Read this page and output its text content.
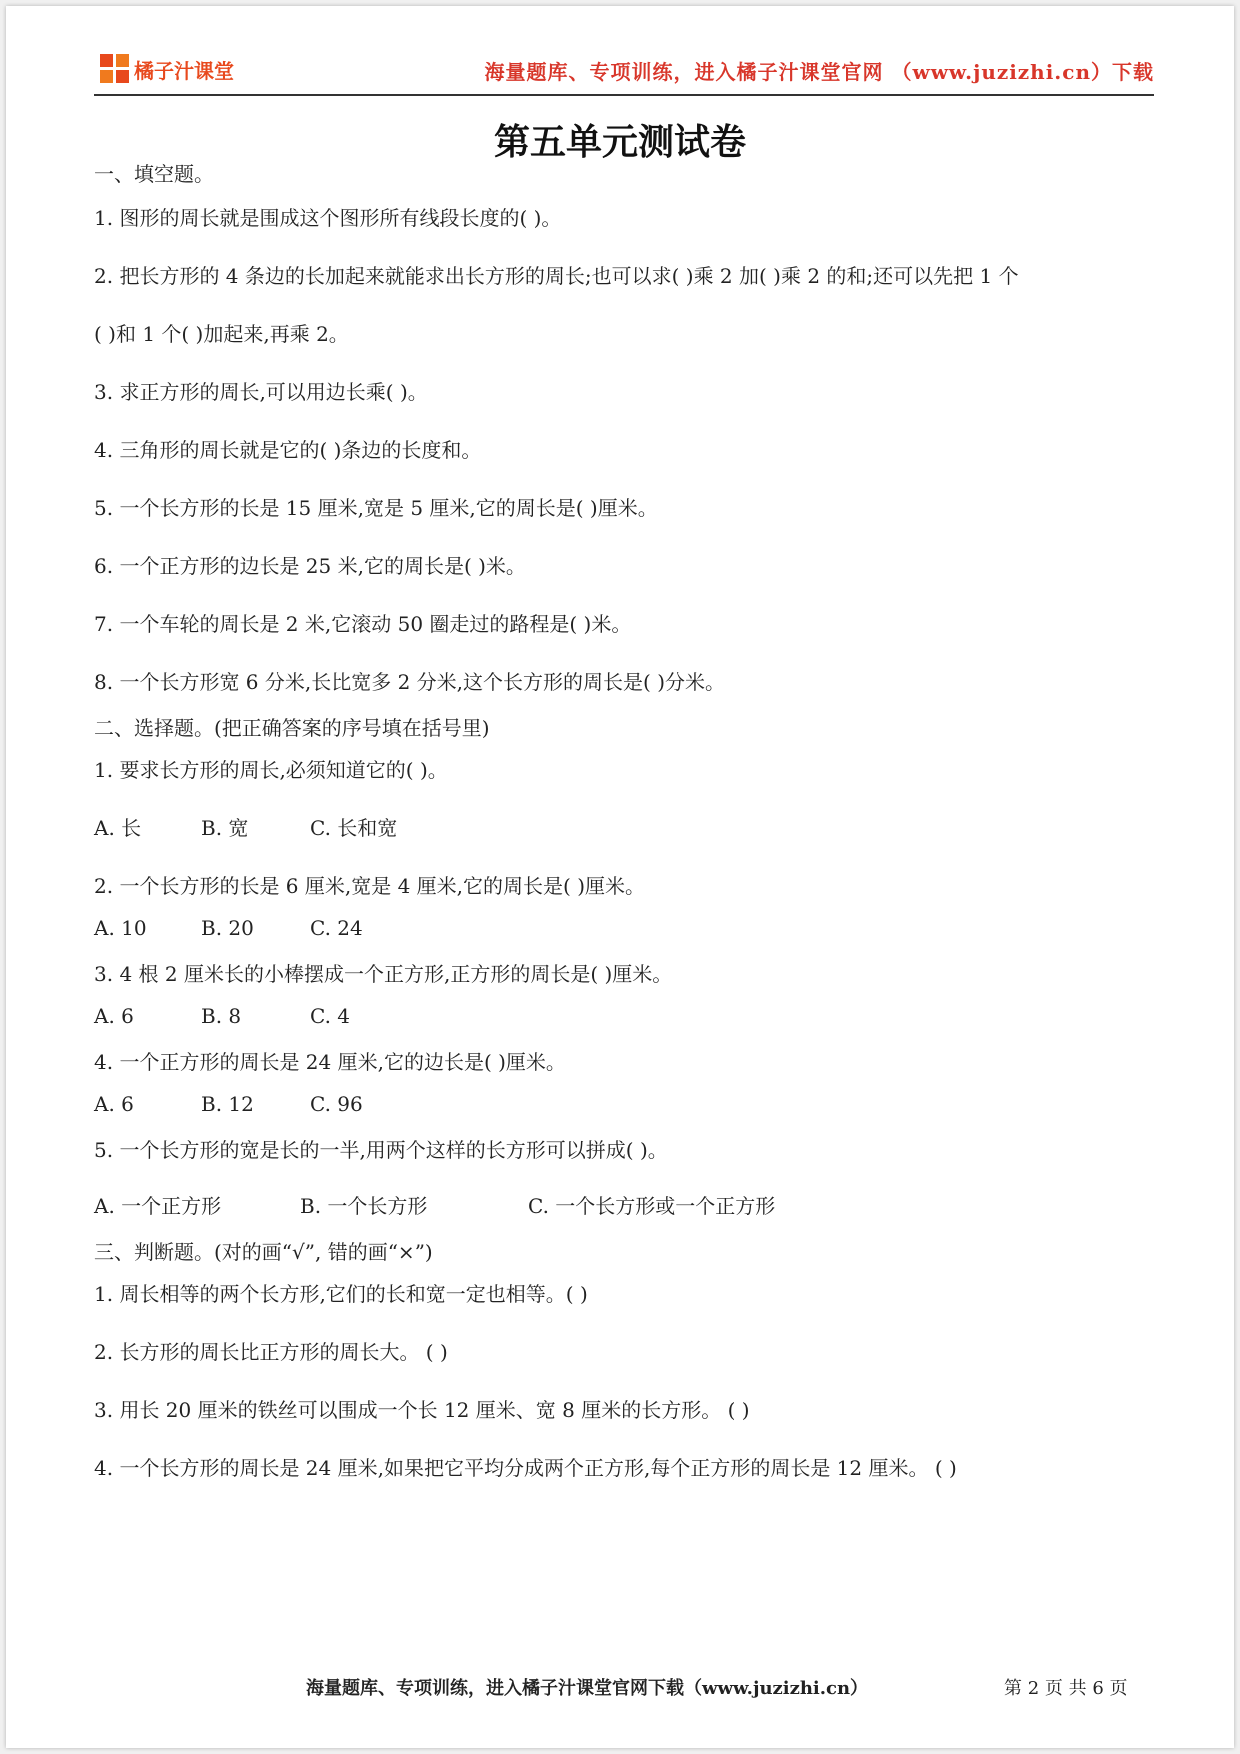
橘子汁课堂	海量题库、专项训练，进入橘子汁课堂官网 （www.juzizhi.cn）下载
第五单元测试卷
一、填空题。
1. 图形的周长就是围成这个图形所有线段长度的( )。
2. 把长方形的 4 条边的长加起来就能求出长方形的周长;也可以求( )乘 2 加( )乘 2 的和;还可以先把 1 个
( )和 1 个( )加起来,再乘 2。
3. 求正方形的周长,可以用边长乘( )。
4. 三角形的周长就是它的( )条边的长度和。
5. 一个长方形的长是 15 厘米,宽是 5 厘米,它的周长是( )厘米。
6. 一个正方形的边长是 25 米,它的周长是( )米。
7. 一个车轮的周长是 2 米,它滚动 50 圈走过的路程是( )米。
8. 一个长方形宽 6 分米,长比宽多 2 分米,这个长方形的周长是( )分米。
二、选择题。(把正确答案的序号填在括号里)
1. 要求长方形的周长,必须知道它的( )。
A. 长	B. 宽	C. 长和宽
2. 一个长方形的长是 6 厘米,宽是 4 厘米,它的周长是( )厘米。
A. 10	B. 20	C. 24
3. 4 根 2 厘米长的小棒摆成一个正方形,正方形的周长是( )厘米。
A. 6	B. 8	C. 4
4. 一个正方形的周长是 24 厘米,它的边长是( )厘米。
A. 6	B. 12	C. 96
5. 一个长方形的宽是长的一半,用两个这样的长方形可以拼成( )。
A. 一个正方形	B. 一个长方形	C. 一个长方形或一个正方形
三、判断题。(对的画“√”, 错的画“×”)
1. 周长相等的两个长方形,它们的长和宽一定也相等。( )
2. 长方形的周长比正方形的周长大。 ( )
3. 用长 20 厘米的铁丝可以围成一个长 12 厘米、宽 8 厘米的长方形。 ( )
4. 一个长方形的周长是 24 厘米,如果把它平均分成两个正方形,每个正方形的周长是 12 厘米。 ( )
海量题库、专项训练，进入橘子汁课堂官网下载（www.juzizhi.cn）	第 2 页 共 6 页
